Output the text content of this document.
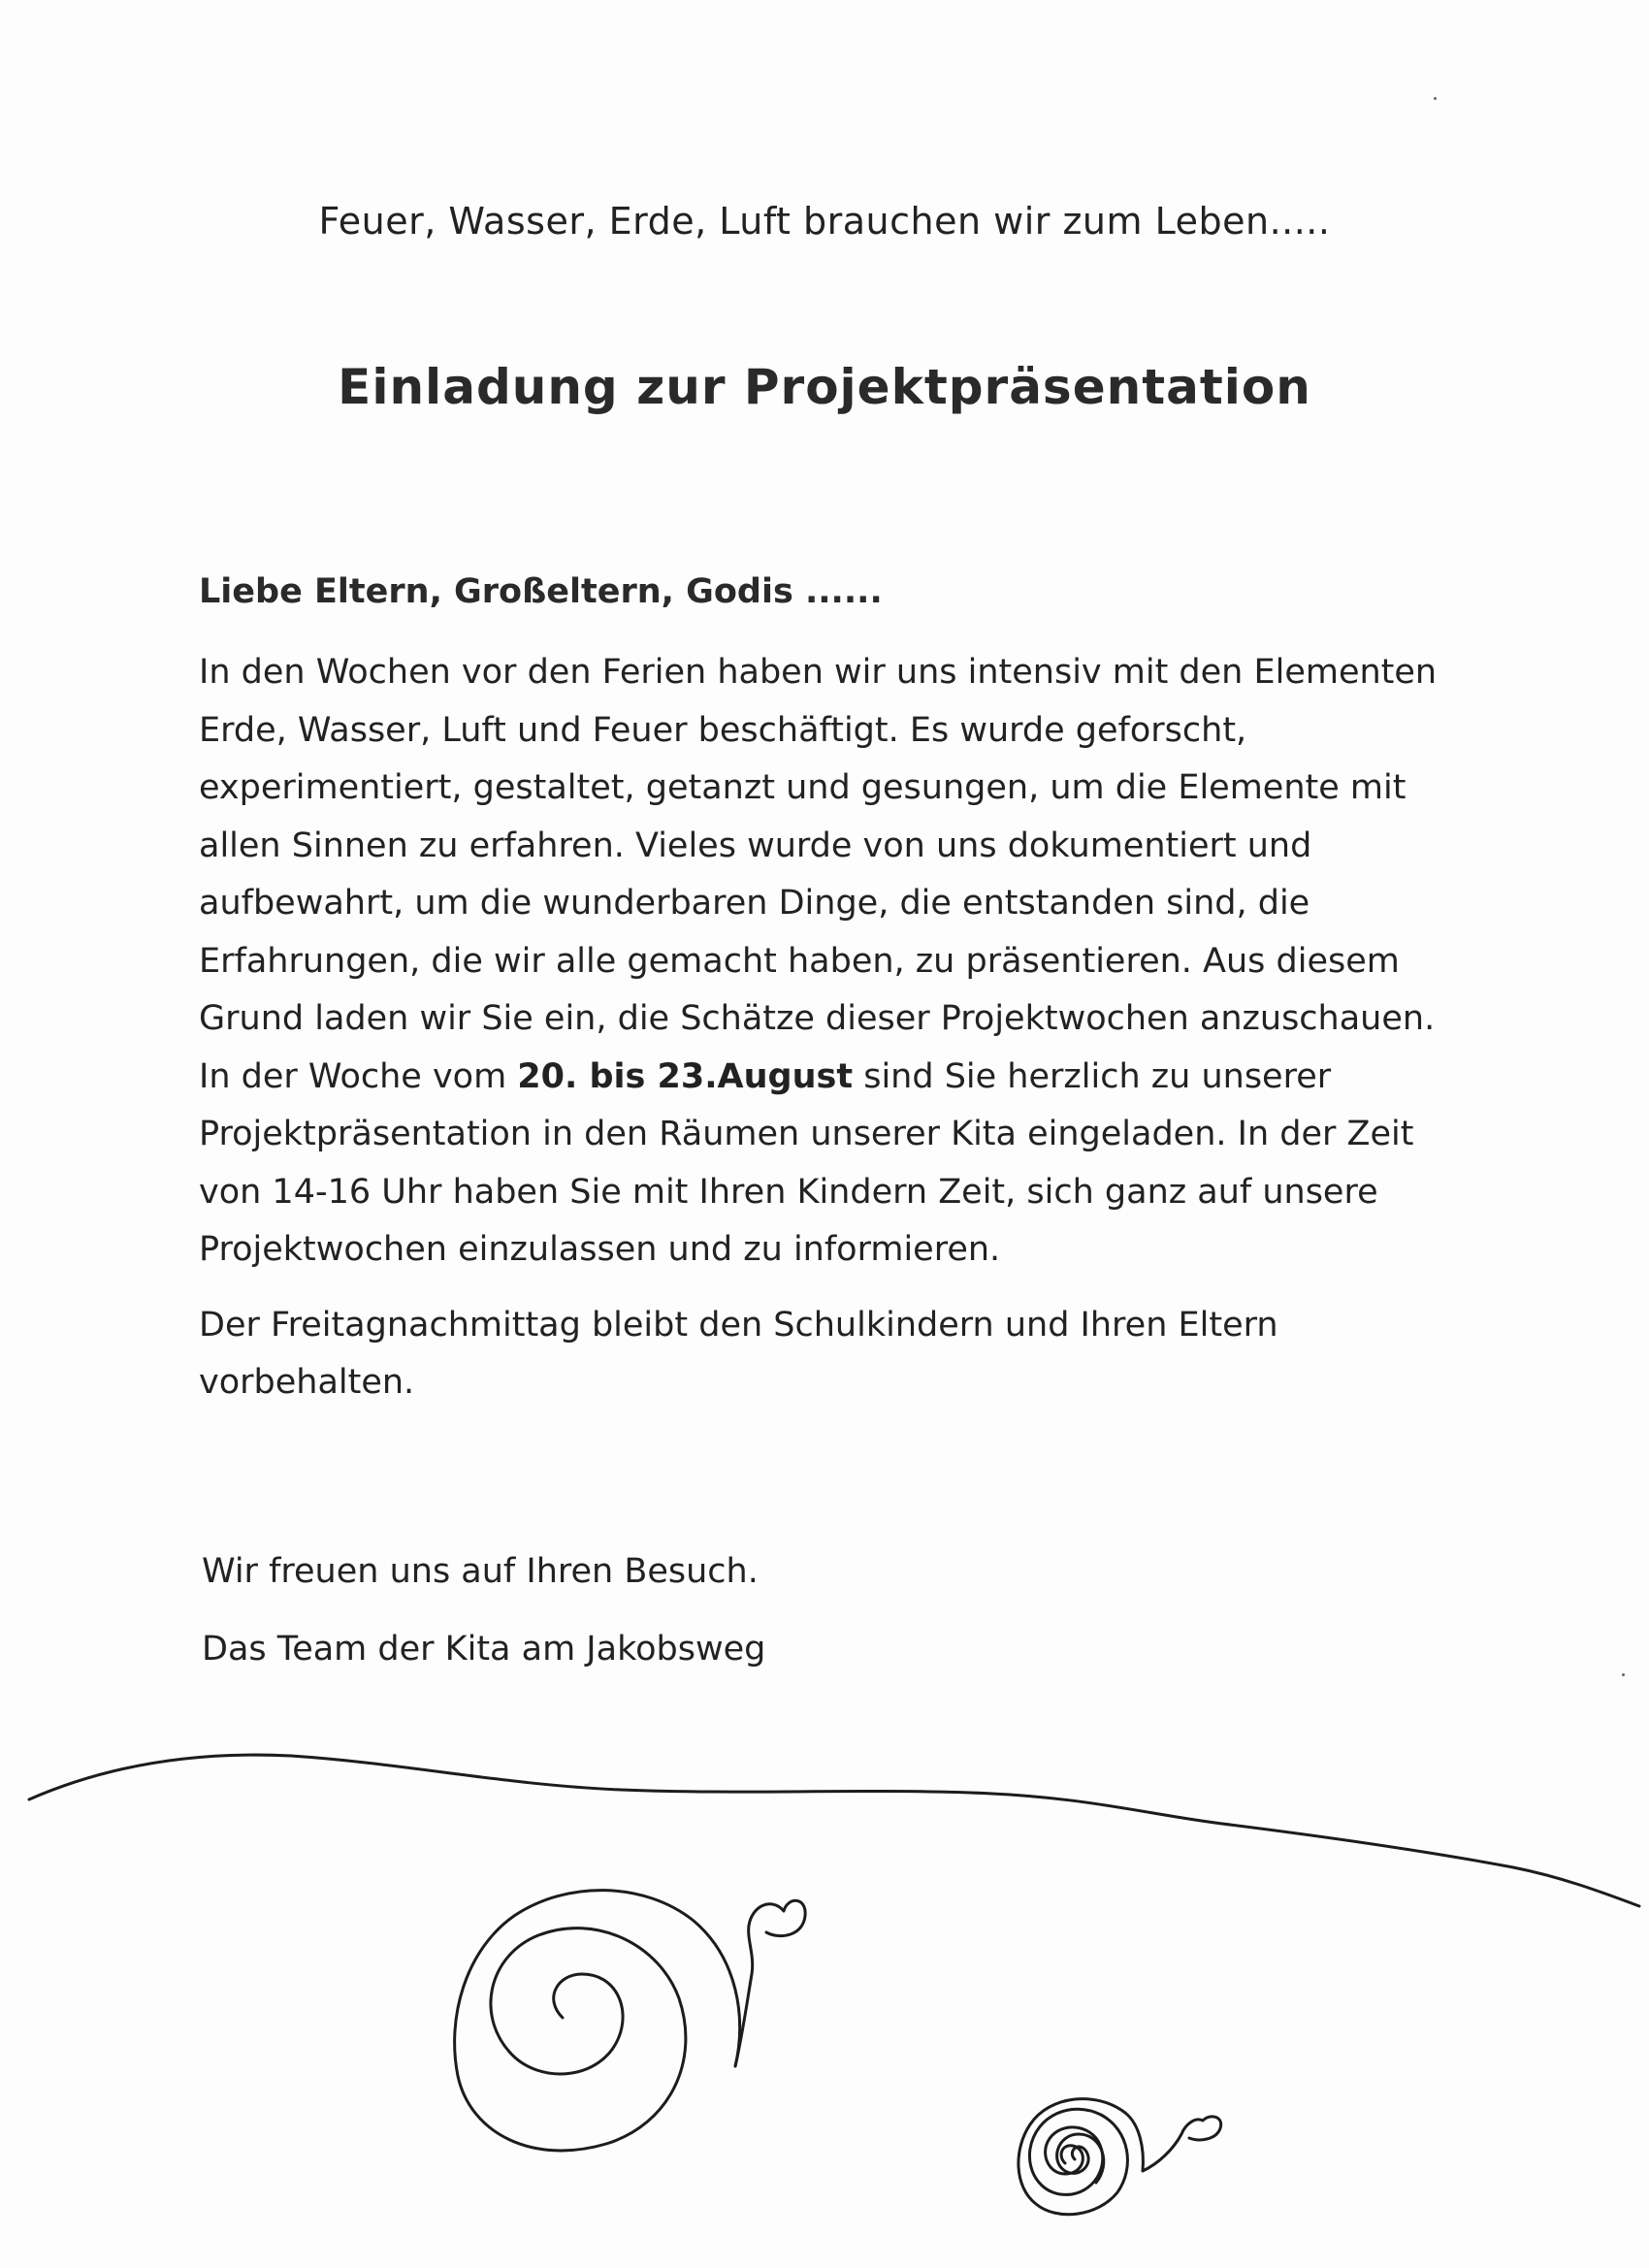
Feuer, Wasser, Erde, Luft brauchen wir zum Leben.....
Einladung zur Projektpräsentation
Liebe Eltern, Großeltern, Godis ......

In den Wochen vor den Ferien haben wir uns intensiv mit den Elementen Erde, Wasser, Luft und Feuer beschäftigt. Es wurde geforscht, experimentiert, gestaltet, getanzt und gesungen, um die Elemente mit allen Sinnen zu erfahren. Vieles wurde von uns dokumentiert und aufbewahrt, um die wunderbaren Dinge, die entstanden sind, die Erfahrungen, die wir alle gemacht haben, zu präsentieren. Aus diesem Grund laden wir Sie ein, die Schätze dieser Projektwochen anzuschauen. In der Woche vom 20. bis 23.August sind Sie herzlich zu unserer Projektpräsentation in den Räumen unserer Kita eingeladen. In der Zeit von 14-16 Uhr haben Sie mit Ihren Kindern Zeit, sich ganz auf unsere Projektwochen einzulassen und zu informieren.

Der Freitagnachmittag bleibt den Schulkindern und Ihren Eltern vorbehalten.

Wir freuen uns auf Ihren Besuch.
Das Team der Kita am Jakobsweg
